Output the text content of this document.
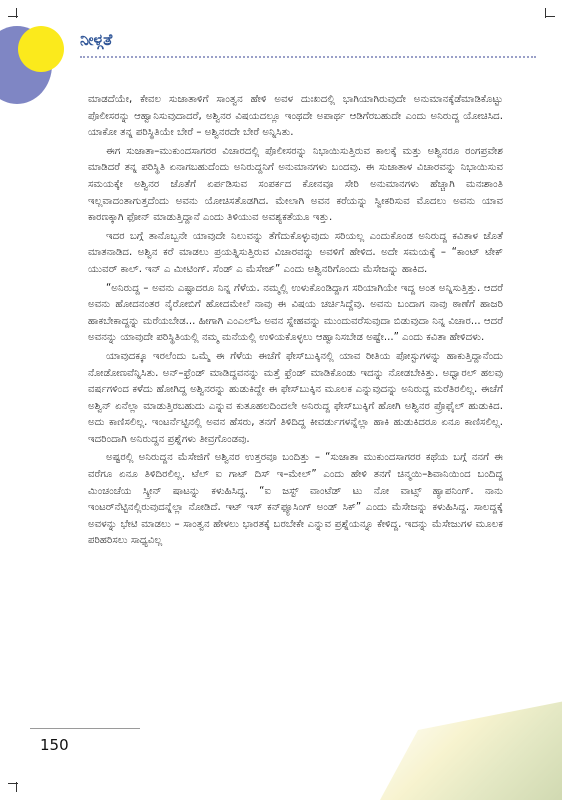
ನೀಳ್ಗತೆ

ಮಾಡದೆಯೇ, ಕೇವಲ ಸುಜಾತಾಳಿಗೆ ಸಾಂತ್ವನ ಹೇಳಿ ಅವಳ ದುಃಖದಲ್ಲಿ ಭಾಗಿಯಾಗಿರುವುದೇ ಅನುಮಾನಕ್ಕೆಡೆಮಾಡಿಕೊಟ್ಟು ಪೊಲೀಸರನ್ನು ಆಹ್ವಾನಿಸುವುದಾದರೆ, ಅಶ್ವಿನರ ವಿಷಯದಲ್ಲೂ ಇಂಥದೇ ಅಪಾರ್ಥ ಆಡಿಗೆರಬಹುದೇ ಎಂದು ಅನಿರುದ್ದ ಯೋಚಿಸಿದ. ಯಾಕೋ ತನ್ನ ಪರಿಸ್ಥಿತಿಯೇ ಬೇರೆ – ಅಶ್ವಿನರದೇ ಬೇರೆ ಅನ್ನಿಸಿತು.

ಈಗ ಸುಜಾತಾ–ಮುಕುಂದಸಾಗರರ ವಿಚಾರದಲ್ಲಿ ಪೊಲೀಸರನ್ನು ನಿಭಾಯಿಸುತ್ತಿರುವ ಕಾಲಕ್ಕೆ ಮತ್ತು ಅಶ್ವಿನರೂ ರಂಗಪ್ರವೇಶ ಮಾಡಿದರೆ ತನ್ನ ಪರಿಸ್ಥಿತಿ ಏನಾಗಬಹುದೆಂದು ಅನಿರುದ್ದನಿಗೆ ಅನುಮಾನಗಳು ಬಂದವು. ಈ ಸುಜಾತಾಳ ವಿಚಾರವನ್ನು ನಿಭಾಯಿಸುವ ಸಮಯಕ್ಕೇ ಅಶ್ವಿನರ ಜೊತೆಗೆ ಏರ್ಪಡಿಸುವ ಸಂಪರ್ಕದ ಕೋನವೂ ಸೇರಿ ಅನುಮಾನಗಳು ಹೆಚ್ಚಾಗಿ ಮನಃಶಾಂತಿ ಇಲ್ಲವಾದಂತಾಗುತ್ತದೆಂದು ಅವನು ಯೋಚಿಸತೊಡಗಿದ. ಮೇಲಾಗಿ ಅವನ ಕರೆಯನ್ನು ಸ್ವೀಕರಿಸುವ ಮೊದಲು ಅವನು ಯಾವ ಕಾರಣಕ್ಕಾಗಿ ಫೋನ್ ಮಾಡುತ್ತಿದ್ದಾನೆ ಎಂದು ತಿಳಿಯುವ ಅವಶ್ಯಕತೆಯೂ ಇತ್ತು.

ಇದರ ಬಗ್ಗೆ ತಾನೊಬ್ಬನೇ ಯಾವುದೇ ನಿಲುವನ್ನು ತೆಗೆದುಕೊಳ್ಳುವುದು ಸರಿಯಲ್ಲ ಎಂದುಕೊಂಡ ಅನಿರುದ್ದ ಕವಿತಾಳ ಜೊತೆ ಮಾತನಾಡಿದ. ಅಶ್ವಿನ ಕರೆ ಮಾಡಲು ಪ್ರಯತ್ನಿಸುತ್ತಿರುವ ವಿಚಾರವನ್ನು ಅವಳಿಗೆ ಹೇಳಿದ. ಅದೇ ಸಮಯಕ್ಕೆ – “ಕಾಂಟ್ ಟೇಕ್ ಯುವರ್ ಕಾಲ್. ಇನ್ ಎ ಮೀಟಿಂಗ್. ಸೆಂಡ್ ಎ ಮೆಸೇಜ್” ಎಂದು ಅಶ್ವಿನರಿಗೊಂದು ಮೆಸೇಜನ್ನು ಹಾಕಿದ.

“ಅನಿರುದ್ದ – ಅವನು ಎಷ್ಟಾದರೂ ನಿನ್ನ ಗೆಳೆಯ. ನಮ್ಮಲ್ಲಿ ಉಳುಕೊಂಡಿದ್ದಾಗ ಸರಿಯಾಗಿಯೇ ಇದ್ದ ಅಂತ ಅನ್ನಿಸುತ್ತಿತ್ತು. ಆದರೆ ಅವನು ಹೋದನಂತರ ನೈರೋಬಿಗೆ ಹೋದಮೇಲೆ ನಾವು ಈ ವಿಷಯ ಚರ್ಚಿಸಿದ್ದೆವು. ಅವನು ಬಂದಾಗ ನಾವು ಠಾಣೆಗೆ ಹಾಜರಿ ಹಾಕಬೇಕಾದ್ದನ್ನು ಮರೆಯಬೇಡ... ಹೀಗಾಗಿ ಎಂಎಲ್ಓ ಅವನ ಸ್ನೇಹವನ್ನು ಮುಂದುವರೆಸುವುದಾ ಬಿಡುವುದಾ ನಿನ್ನ ವಿಚಾರ... ಆದರೆ ಅವನನ್ನು ಯಾವುದೇ ಪರಿಸ್ಥಿತಿಯಲ್ಲಿ ನಮ್ಮ ಮನೆಯಲ್ಲಿ ಉಳಿಯಕೊಳ್ಳಲು ಆಹ್ವಾನಿಸಬೇಡ ಅಷ್ಟೇ...” ಎಂದು ಕವಿತಾ ಹೇಳಿದಳು.

ಯಾವುದಕ್ಕೂ ಇರಲೆಂದು ಒಮ್ಮೆ ಈ ಗೆಳೆಯ ಈಚೆಗೆ ಫೇಸ್‌ಬುಕ್ಕಿನಲ್ಲಿ ಯಾವ ರೀತಿಯ ಪೋಸ್ಟುಗಳನ್ನು ಹಾಕುತ್ತಿದ್ದಾನೆಂದು ನೋಡೋಣವೆನ್ನಿಸಿತು. ಅನ್–ಫ್ರೆಂಡ್ ಮಾಡಿದ್ದವನನ್ನು ಮತ್ತೆ ಫ್ರೆಂಡ್ ಮಾಡಿಕೊಂಡು ಇದನ್ನು ನೋಡಬೇಕಿತ್ತು. ಅಧ್ವಾರಲ್ ಹಲವು ವರ್ಷಗಳಿಂದ ಕಳೆದು ಹೋಗಿದ್ದ ಅಶ್ವಿನರನ್ನು ಹುಡುಕಿದ್ದೇ ಈ ಫೇಸ್‌ಬುಕ್ಕಿನ ಮೂಲಕ ಎನ್ನುವುದನ್ನು ಅನಿರುದ್ದ ಮರೆತಿರಲಿಲ್ಲ. ಈಚೆಗೆ ಅಶ್ವಿನ್ ಏನೆಲ್ಲಾ ಮಾಡುತ್ತಿರಬಹುದು ಎನ್ನುವ ಕುತೂಹಲದಿಂದಲೇ ಅನಿರುದ್ದ ಫೇಸ್‌ಬುಕ್ಕಿಗೆ ಹೋಗಿ ಅಶ್ವಿನರ ಪ್ರೊಫೈಲ್ ಹುಡುಕಿದ. ಅದು ಕಾಣಿಸಲಿಲ್ಲ. ಇಂಟರ್ನೆಟ್ಟಿನಲ್ಲಿ ಅವನ ಹೆಸರು, ತನಗೆ ತಿಳಿದಿದ್ದ ಕೀವರ್ಡುಗಳನ್ನೆಲ್ಲಾ ಹಾಕಿ ಹುಡುಕಿದರೂ ಏನೂ ಕಾಣಿಸಲಿಲ್ಲ. ಇದರಿಂದಾಗಿ ಅನಿರುದ್ದನ ಪ್ರಶ್ನೆಗಳು ತೀವ್ರಗೊಂಡವು.

ಅಷ್ಟರಲ್ಲಿ ಅನಿರುದ್ದನ ಮೆಸೇಜಿಗೆ ಅಶ್ವಿನರ ಉತ್ತರವೂ ಬಂದಿತ್ತು – “ಸುಜಾತಾ ಮುಕುಂದಸಾಗರರ ಕಥೆಯ ಬಗ್ಗೆ ನನಗೆ ಈ ವರೆಗೂ ಏನೂ ತಿಳಿದಿರಲಿಲ್ಲ. ಟೆಲ್ ಐ ಗಾಟ್ ದಿಸ್ ಇ–ಮೇಲ್” ಎಂದು ಹೇಳಿ ತನಗೆ ಚಿನ್ಮಯಿ–ಶಿವಾನಿಯಿಂದ ಬಂದಿದ್ದ ಮಿಂಚಂಚೆಯ ಸ್ಕ್ರೀನ್ ಷಾಟನ್ನು ಕಳುಹಿಸಿದ್ದ. “ಐ ಜಸ್ಟ್ ವಾಂಟೆಡ್ ಟು ನೋ ವಾಟ್ಸ್ ಹ್ಯಾಪನಿಂಗ್. ನಾನು ಇಂಟರ್‌ನೆಟ್ಟಿನಲ್ಲಿರುವುದನ್ನೆಲ್ಲಾ ನೋಡಿದೆ. ಇಟ್ ಇಸ್ ಕನ್‌ಫ್ಯೂಸಿಂಗ್ ಅಂಡ್ ಸಿಕ್” ಎಂದು ಮೆಸೇಜನ್ನು ಕಳುಹಿಸಿದ್ದ. ಸಾಲದ್ದಕ್ಕೆ ಅವಳನ್ನು ಭೇಟಿ ಮಾಡಲು – ಸಾಂತ್ವನ ಹೇಳಲು ಭಾರತಕ್ಕೆ ಬರಬೇಕೇ ಎನ್ನುವ ಪ್ರಶ್ನೆಯನ್ನೂ ಕೇಳಿದ್ದ. ಇದನ್ನು ಮೆಸೇಜುಗಳ ಮೂಲಕ ಪರಿಹರಿಸಲು ಸಾಧ್ಯವಿಲ್ಲ

150
